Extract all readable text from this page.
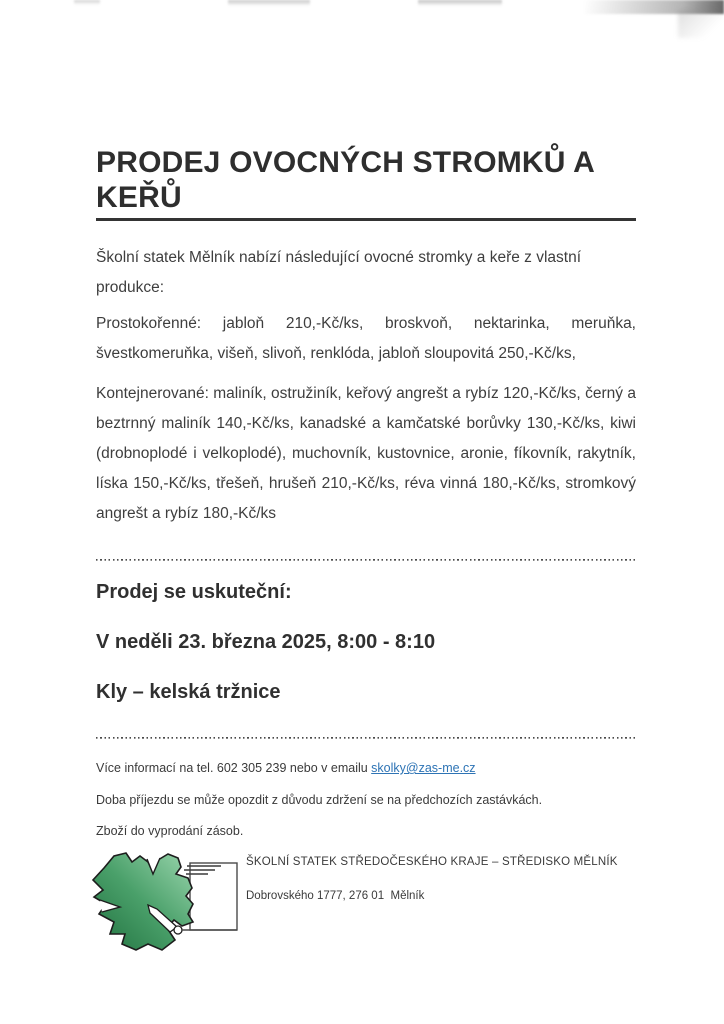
PRODEJ OVOCNÝCH STROMKŮ A KEŘŮ

Školní statek Mělník nabízí následující ovocné stromky a keře z vlastní produkce:

Prostokořenné: jabloň 210,-Kč/ks, broskvoň, nektarinka, meruňka, švestkomeruňka, višeň, slivoň, renklóda, jabloň sloupovitá 250,-Kč/ks,

Kontejnerované: maliník, ostružiník, keřový angrešt a rybíz 120,-Kč/ks, černý a beztrnný maliník 140,-Kč/ks, kanadské a kamčatské borůvky 130,-Kč/ks, kiwi (drobnoplodé i velkoplodé), muchovník, kustovnice, aronie, fíkovník, rakytník, líska 150,-Kč/ks, třešeň, hrušeň 210,-Kč/ks, réva vinná 180,-Kč/ks, stromkový angrešt a rybíz 180,-Kč/ks

Prodej se uskuteční:
V neděli 23. března 2025, 8:00 - 8:10
Kly – kelská tržnice

Více informací na tel. 602 305 239 nebo v emailu skolky@zas-me.cz

Doba příjezdu se může opozdit z důvodu zdržení se na předchozích zastávkách.

Zboží do vyprodání zásob.

ŠKOLNÍ STATEK STŘEDOČESKÉHO KRAJE – STŘEDISKO MĚLNÍK
Dobrovského 1777, 276 01  Mělník
